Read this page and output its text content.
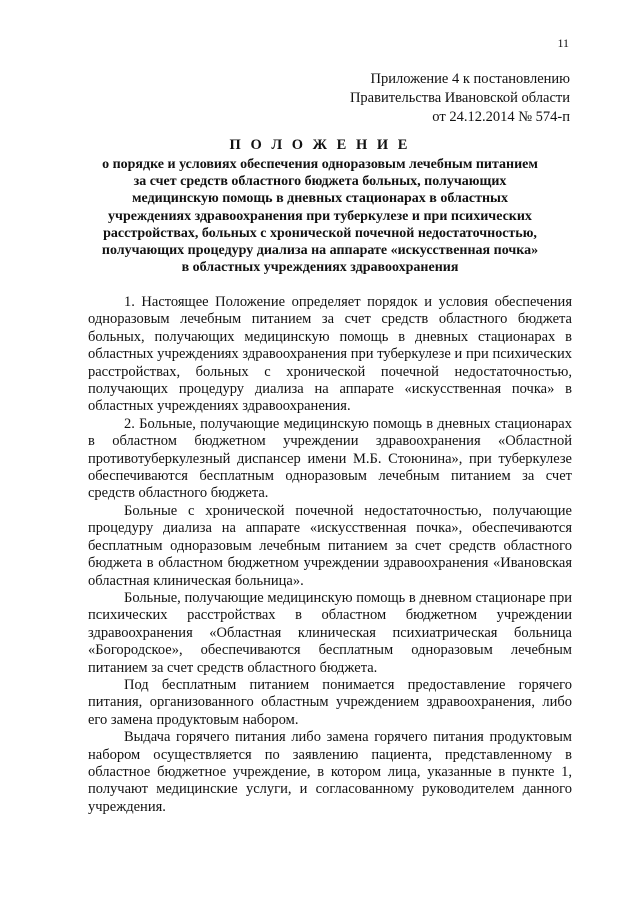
11
Приложение 4 к постановлению
Правительства Ивановской области
от 24.12.2014 № 574-п
П О Л О Ж Е Н И Е
о порядке и условиях обеспечения одноразовым лечебным питанием
за счет средств областного бюджета больных, получающих
медицинскую помощь в дневных стационарах в областных
учреждениях здравоохранения при туберкулезе и при психических
расстройствах, больных с хронической почечной недостаточностью,
получающих процедуру диализа на аппарате «искусственная почка»
в областных учреждениях здравоохранения

1. Настоящее Положение определяет порядок и условия обеспечения одноразовым лечебным питанием за счет средств областного бюджета больных, получающих медицинскую помощь в дневных стационарах в областных учреждениях здравоохранения при туберкулезе и при психических расстройствах, больных с хронической почечной недостаточностью, получающих процедуру диализа на аппарате «искусственная почка» в областных учреждениях здравоохранения.

2. Больные, получающие медицинскую помощь в дневных стационарах в областном бюджетном учреждении здравоохранения «Областной противотуберкулезный диспансер имени М.Б. Стоюнина», при туберкулезе обеспечиваются бесплатным одноразовым лечебным питанием за счет средств областного бюджета.

Больные с хронической почечной недостаточностью, получающие процедуру диализа на аппарате «искусственная почка», обеспечиваются бесплатным одноразовым лечебным питанием за счет средств областного бюджета в областном бюджетном учреждении здравоохранения «Ивановская областная клиническая больница».

Больные, получающие медицинскую помощь в дневном стационаре при психических расстройствах в областном бюджетном учреждении здравоохранения «Областная клиническая психиатрическая больница «Богородское», обеспечиваются бесплатным одноразовым лечебным питанием за счет средств областного бюджета.

Под бесплатным питанием понимается предоставление горячего питания, организованного областным учреждением здравоохранения, либо его замена продуктовым набором.

Выдача горячего питания либо замена горячего питания продуктовым набором осуществляется по заявлению пациента, представленному в областное бюджетное учреждение, в котором лица, указанные в пункте 1, получают медицинские услуги, и согласованному руководителем данного учреждения.
